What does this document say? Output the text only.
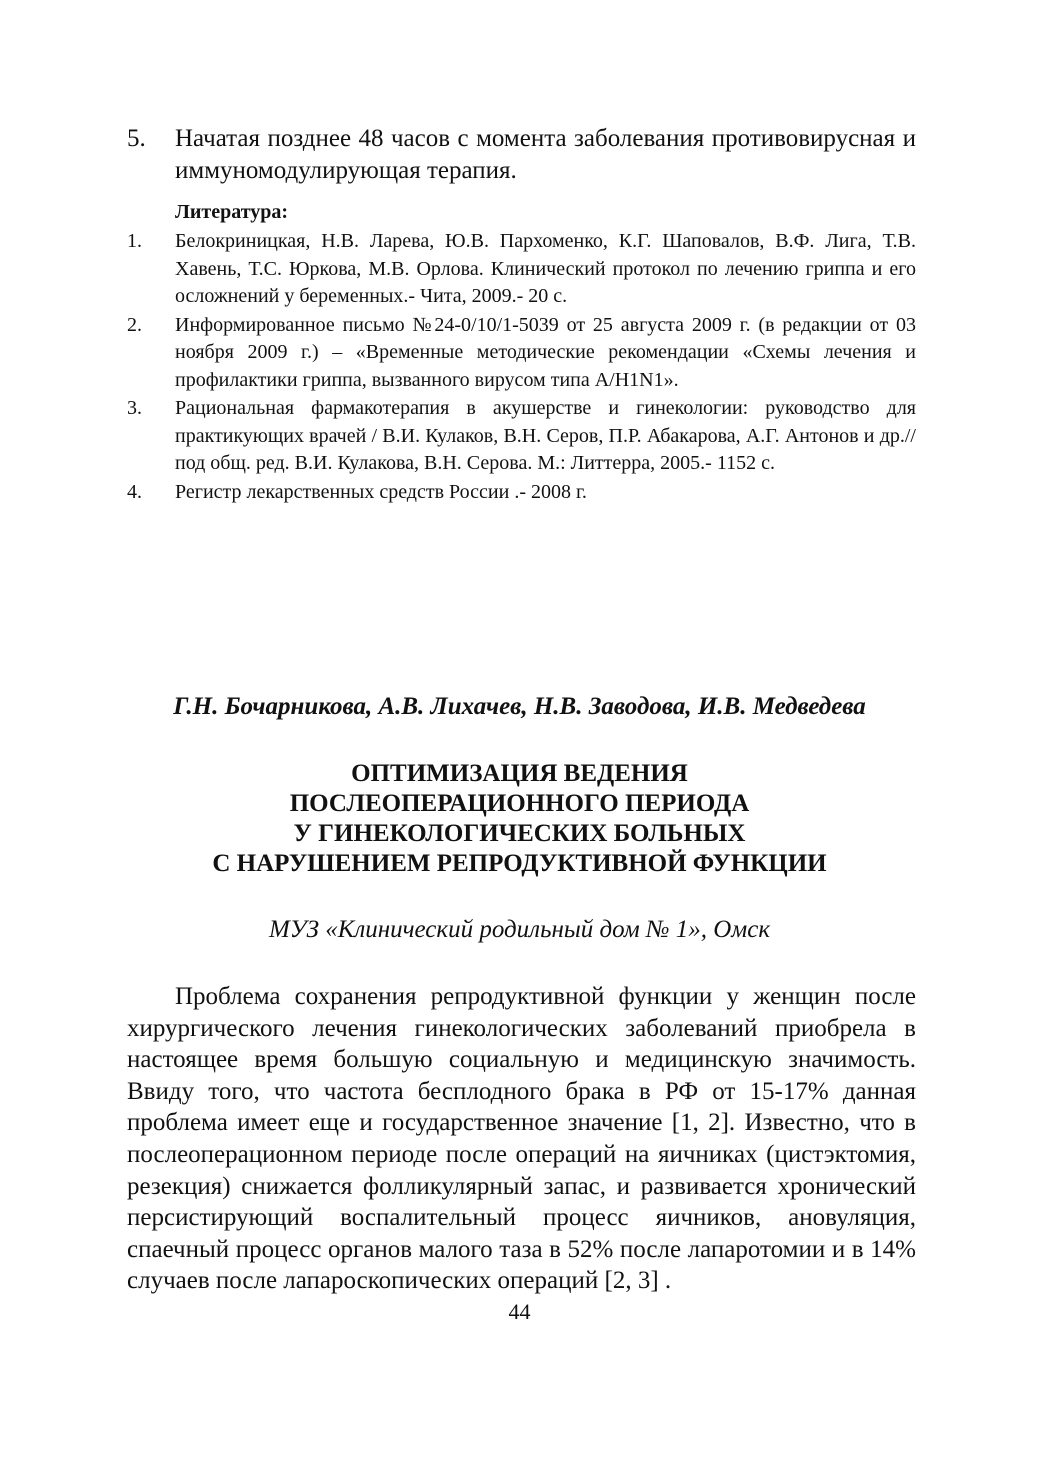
5. Начатая позднее 48 часов с момента заболевания противовирусная и иммуномодулирующая терапия.
Литература:
1. Белокриницкая, Н.В. Ларева, Ю.В. Пархоменко, К.Г. Шаповалов, В.Ф. Лига, Т.В. Хавень, Т.С. Юркова, М.В. Орлова. Клинический протокол по лечению гриппа и его осложнений у беременных.- Чита, 2009.- 20 с.
2. Информированное письмо №24-0/10/1-5039 от 25 августа 2009 г. (в редакции от 03 ноября 2009 г.) – «Временные методические рекомендации «Схемы лечения и профилактики гриппа, вызванного вирусом типа А/H1N1».
3. Рациональная фармакотерапия в акушерстве и гинекологии: руководство для практикующих врачей / В.И. Кулаков, В.Н. Серов, П.Р. Абакарова, А.Г. Антонов и др.// под общ. ред. В.И. Кулакова, В.Н. Серова. М.: Литтерра, 2005.- 1152 с.
4. Регистр лекарственных средств России .- 2008 г.
Г.Н. Бочарникова, А.В. Лихачев, Н.В. Заводова, И.В. Медведева
ОПТИМИЗАЦИЯ ВЕДЕНИЯ
ПОСЛЕОПЕРАЦИОННОГО ПЕРИОДА
У ГИНЕКОЛОГИЧЕСКИХ БОЛЬНЫХ
С НАРУШЕНИЕМ РЕПРОДУКТИВНОЙ ФУНКЦИИ
МУЗ «Клинический родильный дом № 1», Омск
Проблема сохранения репродуктивной функции у женщин после хирургического лечения гинекологических заболеваний приобрела в настоящее время большую социальную и медицинскую значимость. Ввиду того, что частота бесплодного брака в РФ от 15-17% данная проблема имеет еще и государственное значение [1, 2]. Известно, что в послеоперационном периоде после операций на яичниках (цистэктомия, резекция) снижается фолликулярный запас, и развивается хронический персистирующий воспалительный процесс яичников, ановуляция, спаечный процесс органов малого таза в 52% после лапаротомии и в 14% случаев после лапароскопических операций [2, 3] .
44
